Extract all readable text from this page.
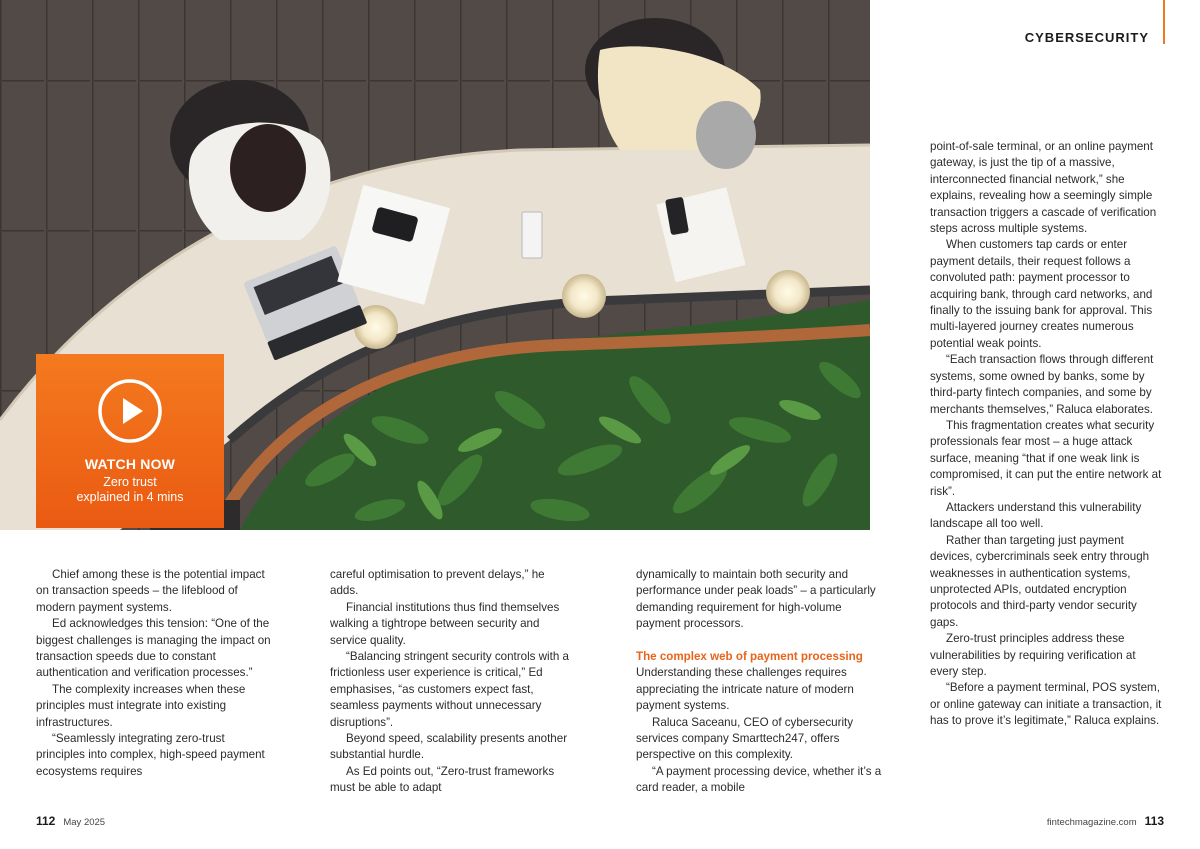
WATCH NOW
Zero trust
explained in 4 mins
CYBERSECURITY

Chief among these is the potential impact on transaction speeds – the lifeblood of modern payment systems.

Ed acknowledges this tension: “One of the biggest challenges is managing the impact on transaction speeds due to constant authentication and verification processes.”

The complexity increases when these principles must integrate into existing infrastructures.

“Seamlessly integrating zero-trust principles into complex, high-speed payment ecosystems requires

careful optimisation to prevent delays,” he adds.

Financial institutions thus find themselves walking a tightrope between security and service quality.

“Balancing stringent security controls with a frictionless user experience is critical,” Ed emphasises, “as customers expect fast, seamless payments without unnecessary disruptions”.

Beyond speed, scalability presents another substantial hurdle.

As Ed points out, “Zero-trust frameworks must be able to adapt

dynamically to maintain both security and performance under peak loads” – a particularly demanding requirement for high-volume payment processors.

The complex web of payment processing

Understanding these challenges requires appreciating the intricate nature of modern payment systems.

Raluca Saceanu, CEO of cybersecurity services company Smarttech247, offers perspective on this complexity.

“A payment processing device, whether it’s a card reader, a mobile

point-of-sale terminal, or an online payment gateway, is just the tip of a massive, interconnected financial network,” she explains, revealing how a seemingly simple transaction triggers a cascade of verification steps across multiple systems.

When customers tap cards or enter payment details, their request follows a convoluted path: payment processor to acquiring bank, through card networks, and finally to the issuing bank for approval. This multi-layered journey creates numerous potential weak points.

“Each transaction flows through different systems, some owned by banks, some by third-party fintech companies, and some by merchants themselves,” Raluca elaborates.

This fragmentation creates what security professionals fear most – a huge attack surface, meaning “that if one weak link is compromised, it can put the entire network at risk”.

Attackers understand this vulnerability landscape all too well.

Rather than targeting just payment devices, cybercriminals seek entry through weaknesses in authentication systems, unprotected APIs, outdated encryption protocols and third-party vendor security gaps.

Zero-trust principles address these vulnerabilities by requiring verification at every step.

“Before a payment terminal, POS system, or online gateway can initiate a transaction, it has to prove it’s legitimate,” Raluca explains.

112 May 2025	fintechmagazine.com 113
